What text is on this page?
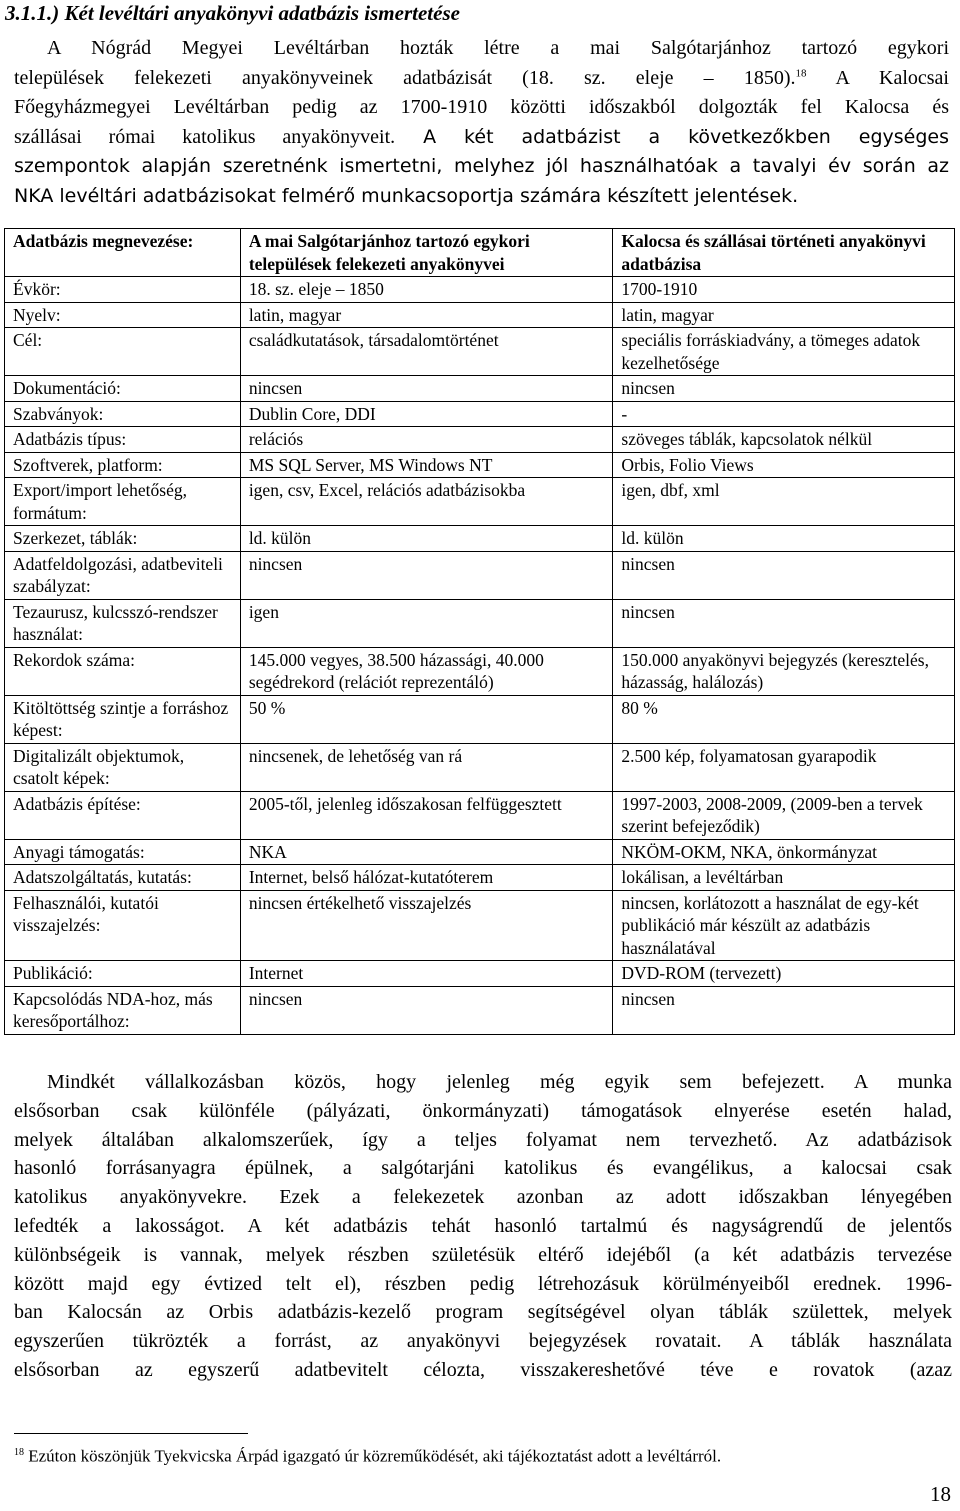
3.1.1.) Két levéltári anyakönyvi adatbázis ismertetése
A Nógrád Megyei Levéltárban hozták létre a mai Salgótarjánhoz tartozó egykori
települések felekezeti anyakönyveinek adatbázisát (18. sz. eleje – 1850).$^{18}$ A Kalocsai
Főegyházmegyei Levéltárban pedig az 1700-1910 közötti időszakból dolgozták fel Kalocsa és
szállásai római katolikus anyakönyveit. A két adatbázist a következőkben egységes
szempontok alapján szeretnénk ismertetni, melyhez jól használhatóak a tavalyi év során az
NKA levéltári adatbázisokat felmérő munkacsoportja számára készített jelentések.
Adatbázis megnevezése:	A mai Salgótarjánhoz tartozó egykori települések felekezeti anyakönyvei	Kalocsa és szállásai történeti anyakönyvi adatbázisa
Évkör:	18. sz. eleje – 1850	1700-1910
Nyelv:	latin, magyar	latin, magyar
Cél:	családkutatások, társadalomtörténet	speciális forráskiadvány, a tömeges adatok kezelhetősége
Dokumentáció:	nincsen	nincsen
Szabványok:	Dublin Core, DDI	-
Adatbázis típus:	relációs	szöveges táblák, kapcsolatok nélkül
Szoftverek, platform:	MS SQL Server, MS Windows NT	Orbis, Folio Views
Export/import lehetőség, formátum:	igen, csv, Excel, relációs adatbázisokba	igen, dbf, xml
Szerkezet, táblák:	ld. külön	ld. külön
Adatfeldolgozási, adatbeviteli szabályzat:	nincsen	nincsen
Tezaurusz, kulcsszó-rendszer használat:	igen	nincsen
Rekordok száma:	145.000 vegyes, 38.500 házassági, 40.000 segédrekord (relációt reprezentáló)	150.000 anyakönyvi bejegyzés (keresztelés, házasság, halálozás)
Kitöltöttség szintje a forráshoz képest:	50 %	80 %
Digitalizált objektumok, csatolt képek:	nincsenek, de lehetőség van rá	2.500 kép, folyamatosan gyarapodik
Adatbázis építése:	2005-től, jelenleg időszakosan felfüggesztett	1997-2003, 2008-2009, (2009-ben a tervek szerint befejeződik)
Anyagi támogatás:	NKA	NKÖM-OKM, NKA, önkormányzat
Adatszolgáltatás, kutatás:	Internet, belső hálózat-kutatóterem	lokálisan, a levéltárban
Felhasználói, kutatói visszajelzés:	nincsen értékelhető visszajelzés	nincsen, korlátozott a használat de egy-két publikáció már készült az adatbázis használatával
Publikáció:	Internet	DVD-ROM (tervezett)
Kapcsolódás NDA-hoz, más keresőportálhoz:	nincsen	nincsen
Mindkét vállalkozásban közös, hogy jelenleg még egyik sem befejezett. A munka
elsősorban csak különféle (pályázati, önkormányzati) támogatások elnyerése esetén halad,
melyek általában alkalomszerűek, így a teljes folyamat nem tervezhető. Az adatbázisok
hasonló forrásanyagra épülnek, a salgótarjáni katolikus és evangélikus, a kalocsai csak
katolikus anyakönyvekre. Ezek a felekezetek azonban az adott időszakban lényegében
lefedték a lakosságot. A két adatbázis tehát hasonló tartalmú és nagyságrendű de jelentős
különbségeik is vannak, melyek részben születésük eltérő idejéből (a két adatbázis tervezése
között majd egy évtized telt el), részben pedig létrehozásuk körülményeiből erednek. 1996-
ban Kalocsán az Orbis adatbázis-kezelő program segítségével olyan táblák születtek, melyek
egyszerűen tükrözték a forrást, az anyakönyvi bejegyzések rovatait. A táblák használata
elsősorban az egyszerű adatbevitelt célozta, visszakereshetővé téve e rovatok (azaz
$^{18}$ Ezúton köszönjük Tyekvicska Árpád igazgató úr közreműködését, aki tájékoztatást adott a levéltárról.
18
